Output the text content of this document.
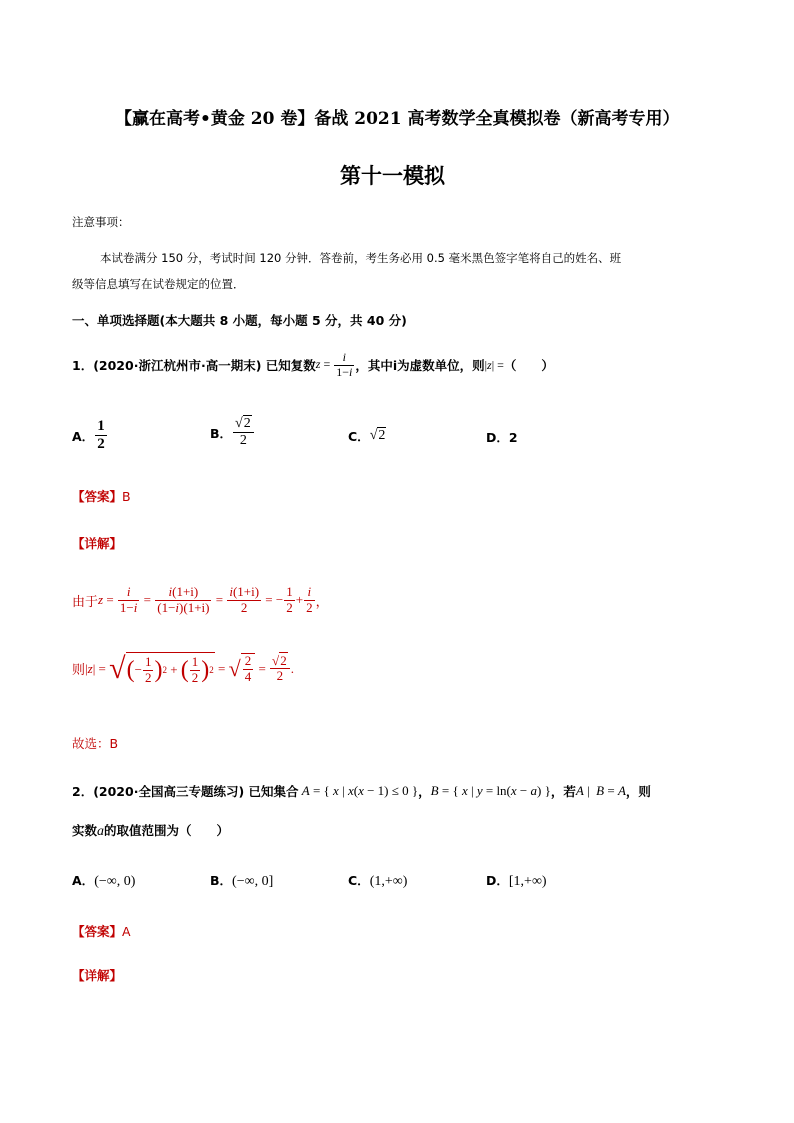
【赢在高考•黄金 20 卷】备战 2021 高考数学全真模拟卷（新高考专用）
第十一模拟
注意事项：
本试卷满分 150 分，考试时间 120 分钟．答卷前，考生务必用 0.5 毫米黑色签字笔将自己的姓名、班
级等信息填写在试卷规定的位置．
一、单项选择题(本大题共 8 小题，每小题 5 分，共 40 分)
1．(2020·浙江杭州市·高一期末) 已知复数 $z = \frac{i}{1-i}$ ，其中i为虚数单位，则 |z| = （　　）
A． $\frac{1}{2}$	B． $\frac{√2}{2}$	C． √2	D．2
【答案】B
【详解】
由于 $z = \frac{i}{1-i} = \frac{i(1+i)}{(1-i)(1+i)} = \frac{i(1+i)}{2}$ = − $\frac{1}{2} + \frac{i}{2}$ ，
则 | z | = √ ( − $\frac{1}{2}$ ) 2 + ( $\frac{1}{2}$ ) 2 = √ $\frac{2}{4} = \frac{√2}{2}$ .
故选：B
2．(2020·全国高三专题练习) 已知集合 A = { x | x(x − 1) ≤ 0 } ， B = { x | y = ln(x − a) } ，若 A |  B = A ，则
实数a的取值范围为（　　）
A．(−∞, 0)	B．(−∞, 0]	C．(1,+∞)	D．[1,+∞)
【答案】A
【详解】
